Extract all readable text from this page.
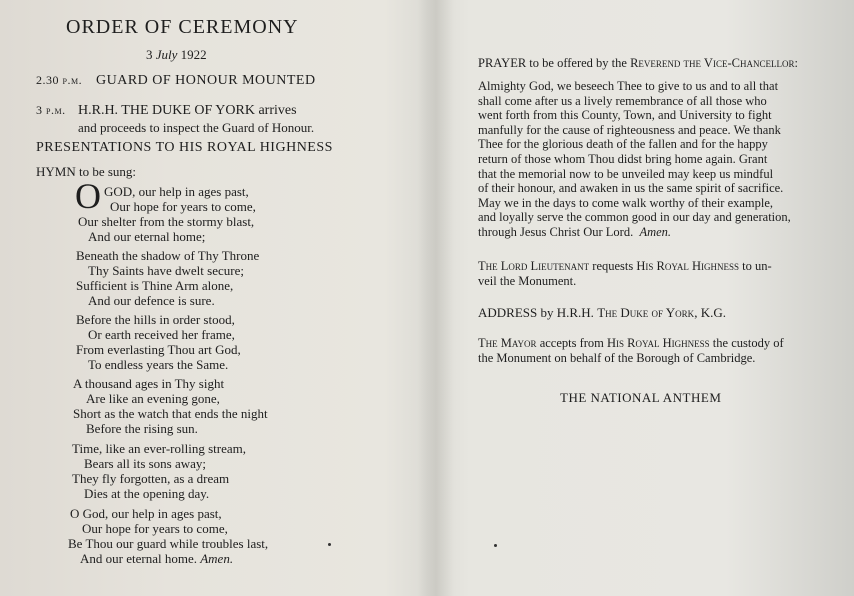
ORDER OF CEREMONY
3 July 1922
2.30 p.m. GUARD OF HONOUR MOUNTED
3 p.m. H.R.H. THE DUKE OF YORK arrives
and proceeds to inspect the Guard of Honour.
PRESENTATIONS TO HIS ROYAL HIGHNESS
HYMN to be sung:
O GOD, our help in ages past,
Our hope for years to come,
Our shelter from the stormy blast,
And our eternal home;
Beneath the shadow of Thy Throne
Thy Saints have dwelt secure;
Sufficient is Thine Arm alone,
And our defence is sure.
Before the hills in order stood,
Or earth received her frame,
From everlasting Thou art God,
To endless years the Same.
A thousand ages in Thy sight
Are like an evening gone,
Short as the watch that ends the night
Before the rising sun.
Time, like an ever-rolling stream,
Bears all its sons away;
They fly forgotten, as a dream
Dies at the opening day.
O God, our help in ages past,
Our hope for years to come,
Be Thou our guard while troubles last,
And our eternal home. Amen.
PRAYER to be offered by the Reverend the Vice-Chancellor:
Almighty God, we beseech Thee to give to us and to all that
shall come after us a lively remembrance of all those who
went forth from this County, Town, and University to fight
manfully for the cause of righteousness and peace. We thank
Thee for the glorious death of the fallen and for the happy
return of those whom Thou didst bring home again. Grant
that the memorial now to be unveiled may keep us mindful
of their honour, and awaken in us the same spirit of sacrifice.
May we in the days to come walk worthy of their example,
and loyally serve the common good in our day and generation,
through Jesus Christ Our Lord. Amen.
The Lord Lieutenant requests His Royal Highness to un-
veil the Monument.
ADDRESS by H.R.H. The Duke of York, K.G.
The Mayor accepts from His Royal Highness the custody of
the Monument on behalf of the Borough of Cambridge.
THE NATIONAL ANTHEM
